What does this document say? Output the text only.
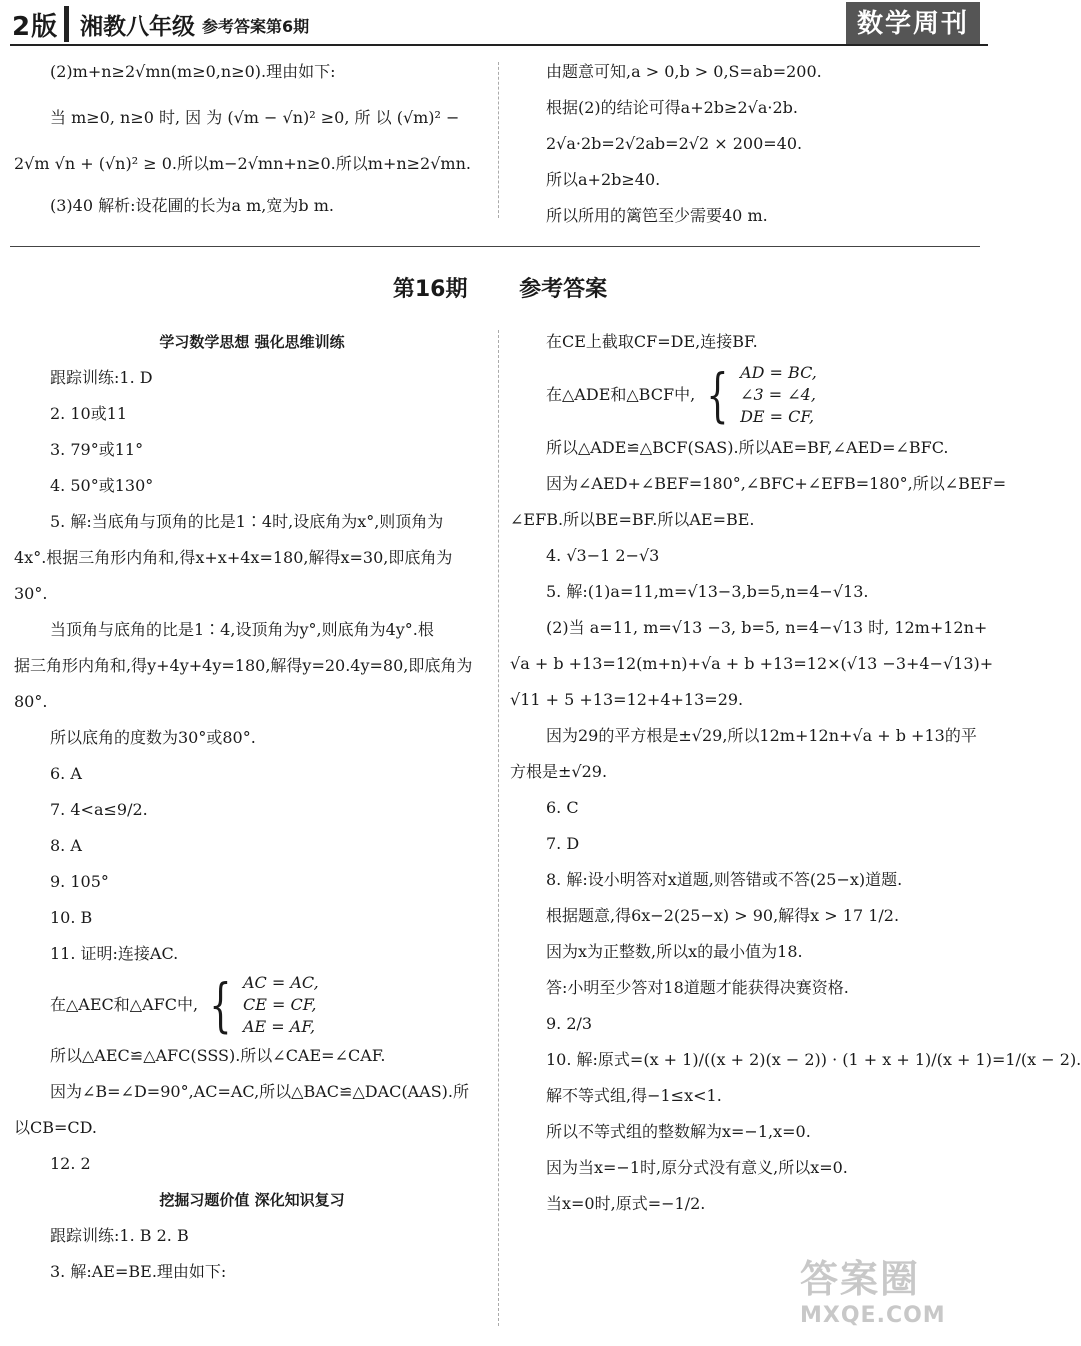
2版 湘教八年级 参考答案第6期	数学周刊

(2)m+n≥2√mn(m≥0,n≥0).理由如下:

当 m≥0, n≥0 时, 因 为 (√m − √n)² ≥0, 所 以 (√m)² −

2√m √n + (√n)² ≥ 0.所以m−2√mn+n≥0.所以m+n≥2√mn.

(3)40 解析:设花圃的长为a m,宽为b m.

由题意可知,a > 0,b > 0,S=ab=200.

根据(2)的结论可得a+2b≥2√a·2b.

2√a·2b=2√2ab=2√2 × 200=40.

所以a+2b≥40.

所以所用的篱笆至少需要40 m.

第16期 参考答案

学习数学思想 强化思维训练

跟踪训练:1. D

2. 10或11

3. 79°或11°

4. 50°或130°

5. 解:当底角与顶角的比是1∶4时,设底角为x°,则顶角为

4x°.根据三角形内角和,得x+x+4x=180,解得x=30,即底角为

30°.

当顶角与底角的比是1∶4,设顶角为y°,则底角为4y°.根

据三角形内角和,得y+4y+4y=180,解得y=20.4y=80,即底角为

80°.

所以底角的度数为30°或80°.

6. A

7. 4<a≤9/2.

8. A

9. 105°

10. B

11. 证明:连接AC.

在△AEC和△AFC中, { AC = AC,
CE = CF,
AE = AF,

所以△AEC≌△AFC(SSS).所以∠CAE=∠CAF.

因为∠B=∠D=90°,AC=AC,所以△BAC≌△DAC(AAS).所

以CB=CD.

12. 2

挖掘习题价值 深化知识复习

跟踪训练:1. B 2. B

3. 解:AE=BE.理由如下:

在CE上截取CF=DE,连接BF.

在△ADE和△BCF中, { AD = BC,
∠3 = ∠4,
DE = CF,

所以△ADE≌△BCF(SAS).所以AE=BF,∠AED=∠BFC.

因为∠AED+∠BEF=180°,∠BFC+∠EFB=180°,所以∠BEF=

∠EFB.所以BE=BF.所以AE=BE.

4. √3−1 2−√3

5. 解:(1)a=11,m=√13−3,b=5,n=4−√13.

(2)当 a=11, m=√13 −3, b=5, n=4−√13 时, 12m+12n+

√a + b +13=12(m+n)+√a + b +13=12×(√13 −3+4−√13)+

√11 + 5 +13=12+4+13=29.

因为29的平方根是±√29,所以12m+12n+√a + b +13的平

方根是±√29.

6. C

7. D

8. 解:设小明答对x道题,则答错或不答(25−x)道题.

根据题意,得6x−2(25−x) > 90,解得x > 17 1/2.

因为x为正整数,所以x的最小值为18.

答:小明至少答对18道题才能获得决赛资格.

9. 2/3

10. 解:原式=(x + 1)/((x + 2)(x − 2)) · (1 + x + 1)/(x + 1)=1/(x − 2).

解不等式组,得−1≤x<1.

所以不等式组的整数解为x=−1,x=0.

因为当x=−1时,原分式没有意义,所以x=0.

当x=0时,原式=−1/2.

答案圈
MXQE.COM
